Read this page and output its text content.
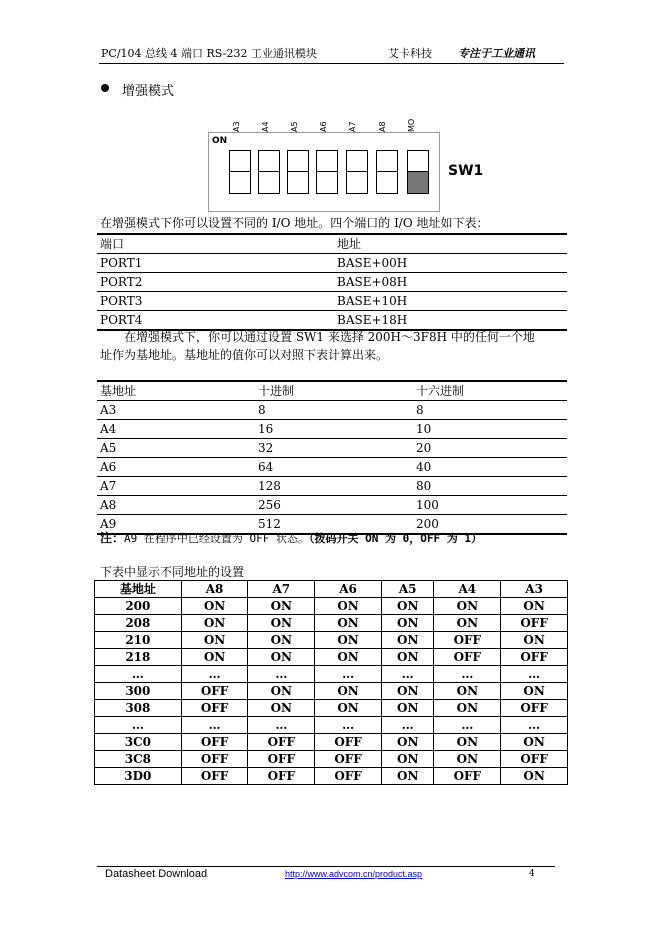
PC/104 总线 4 端口 RS-232 工业通讯模块	艾卡科技 专注于工业通讯
增强模式
ON
A3	A4	A5	A6	A7	A8	MO
SW1
在增强模式下你可以设置不同的 I/O 地址。四个端口的 I/O 地址如下表：
端口	地址
PORT1	BASE+00H
PORT2	BASE+08H
PORT3	BASE+10H
PORT4	BASE+18H
在增强模式下，你可以通过设置 SW1 来选择 200H～3F8H 中的任何一个地
址作为基地址。基地址的值你可以对照下表计算出来。
基地址	十进制	十六进制
A3	8	8
A4	16	10
A5	32	20
A6	64	40
A7	128	80
A8	256	100
A9	512	200
注：A9 在程序中已经设置为 OFF 状态。（拨码开关 ON 为 0，OFF 为 1）
下表中显示不同地址的设置
基地址	A8	A7	A6	A5	A4	A3
200	ON	ON	ON	ON	ON	ON
208	ON	ON	ON	ON	ON	OFF
210	ON	ON	ON	ON	OFF	ON
218	ON	ON	ON	ON	OFF	OFF
…	…	…	…	…	…	…
300	OFF	ON	ON	ON	ON	ON
308	OFF	ON	ON	ON	ON	OFF
…	…	…	…	…	…	…
3C0	OFF	OFF	OFF	ON	ON	ON
3C8	OFF	OFF	OFF	ON	ON	OFF
3D0	OFF	OFF	OFF	ON	OFF	ON
Datasheet Download	http://www.advcom.cn/product.asp	4
